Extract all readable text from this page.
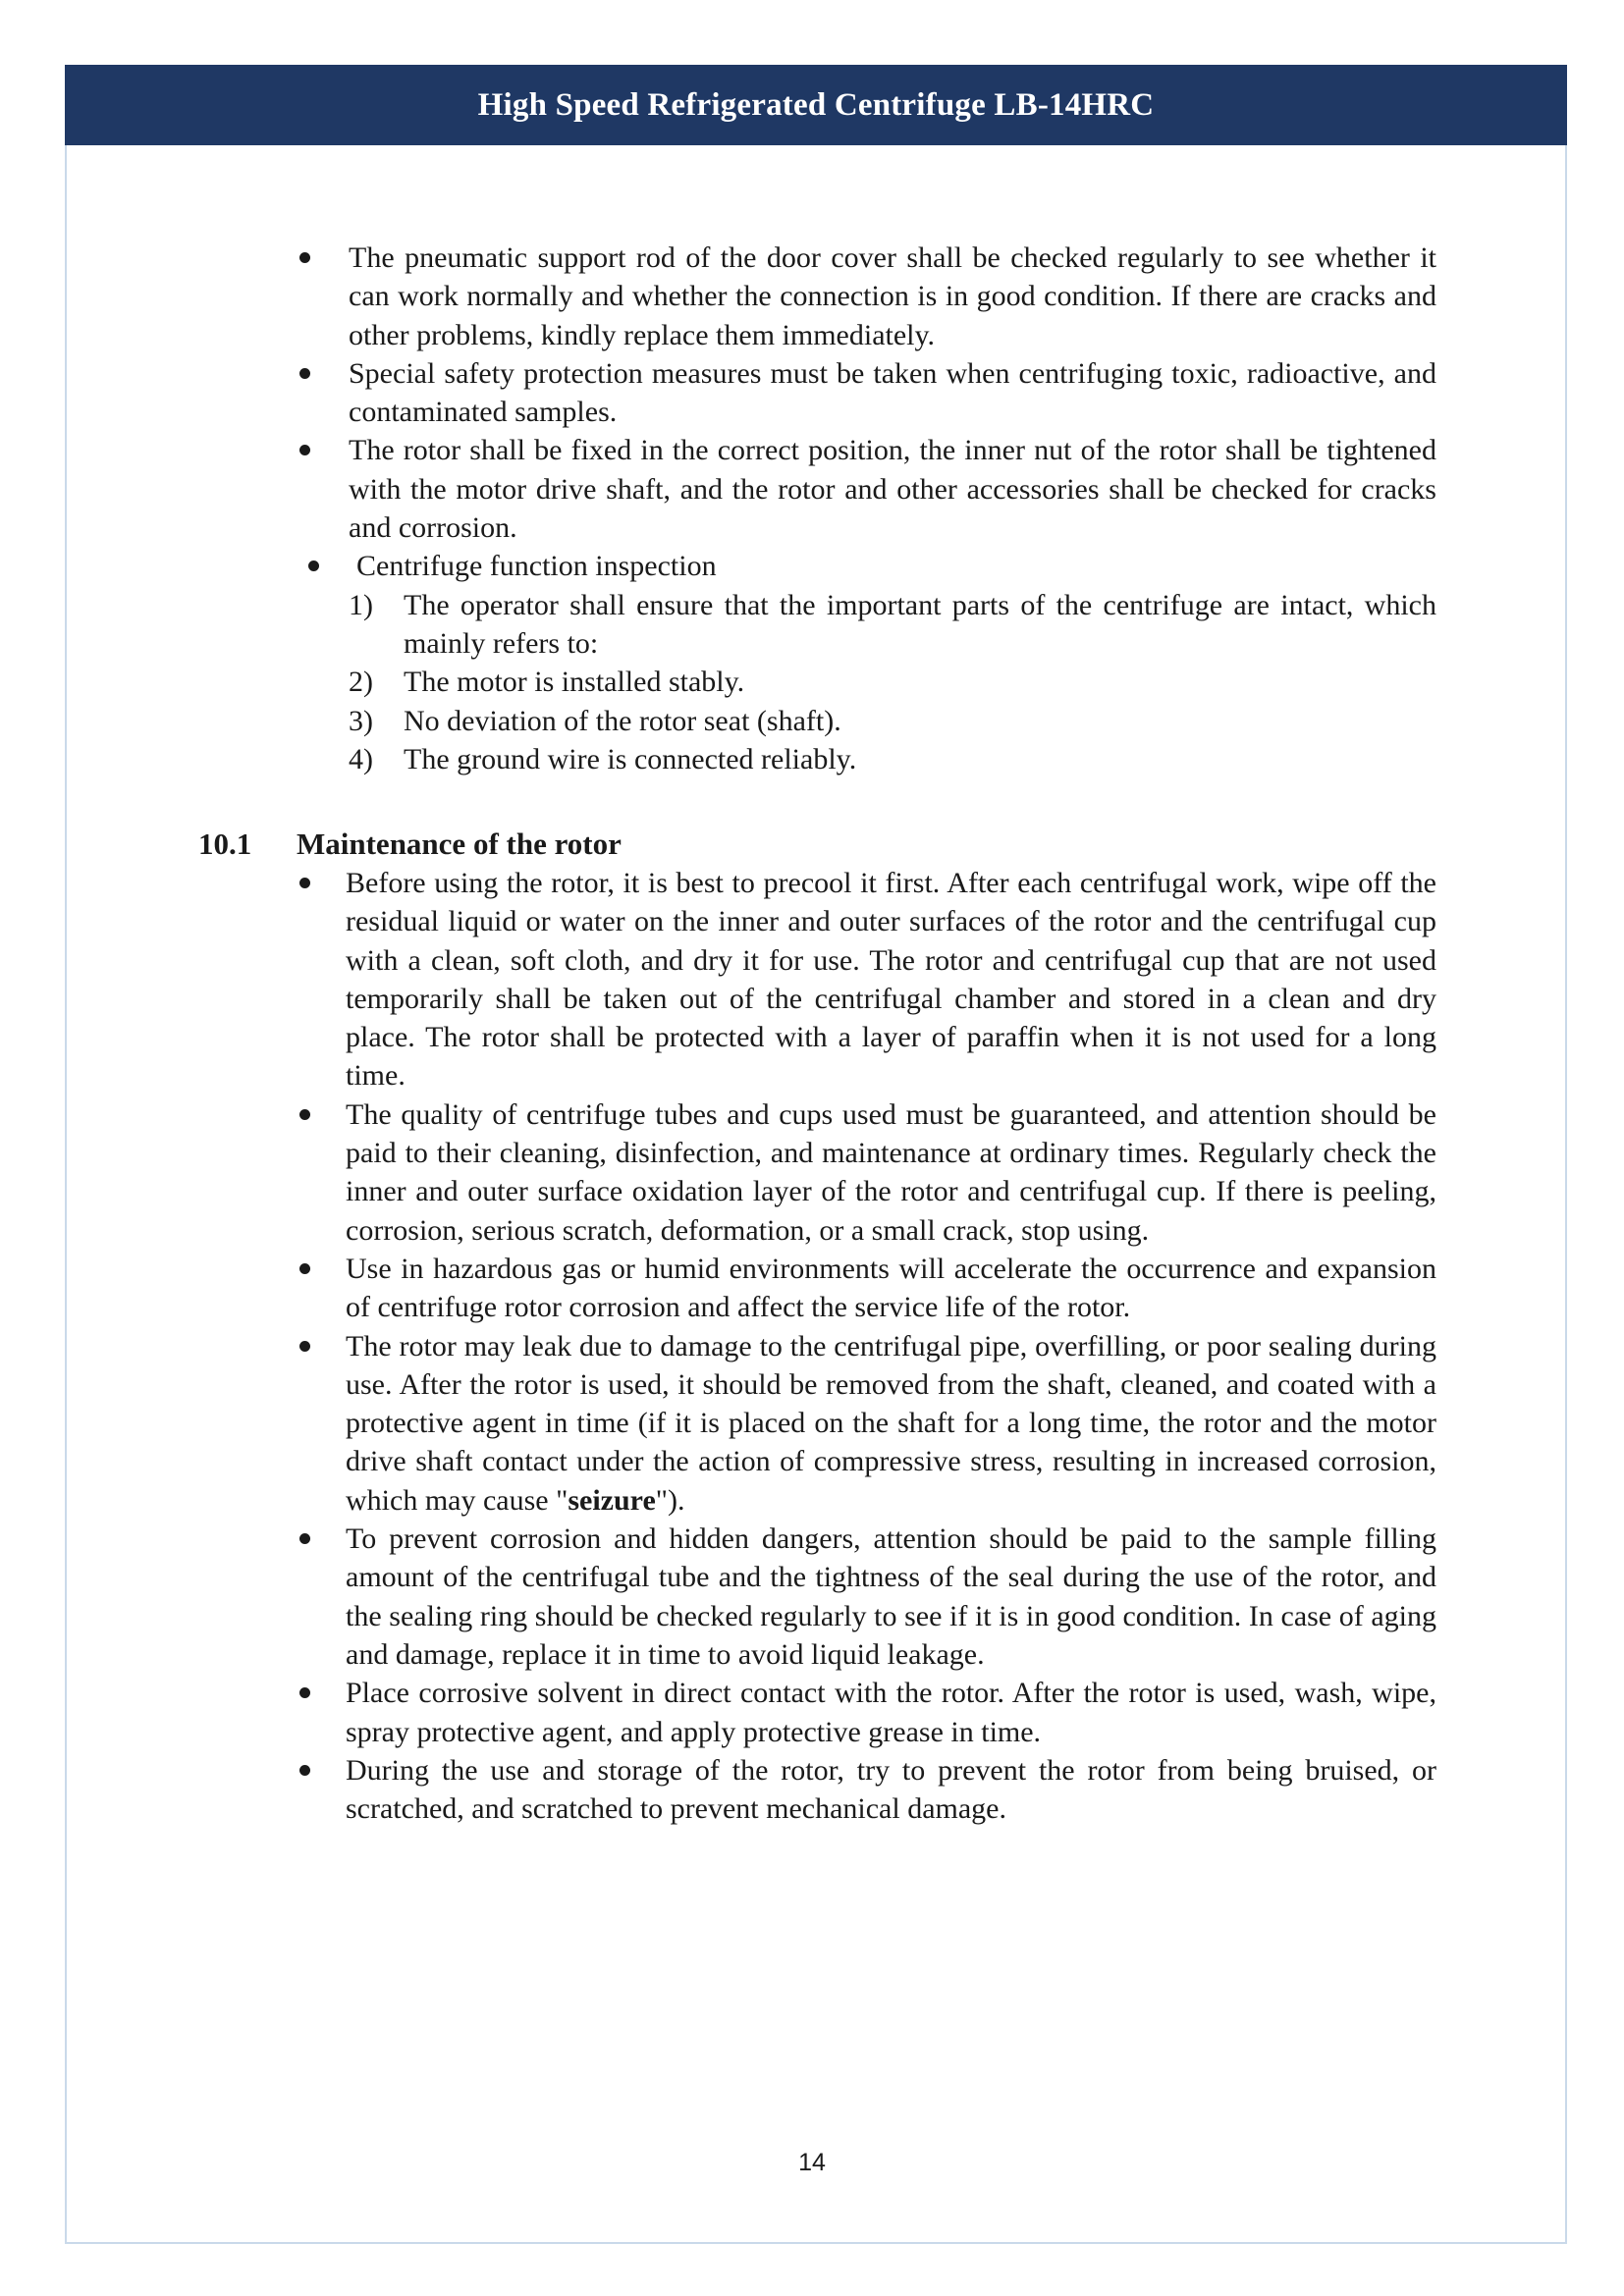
High Speed Refrigerated Centrifuge LB-14HRC
The pneumatic support rod of the door cover shall be checked regularly to see whether it can work normally and whether the connection is in good condition. If there are cracks and other problems, kindly replace them immediately.
Special safety protection measures must be taken when centrifuging toxic, radioactive, and contaminated samples.
The rotor shall be fixed in the correct position, the inner nut of the rotor shall be tightened with the motor drive shaft, and the rotor and other accessories shall be checked for cracks and corrosion.
Centrifuge function inspection
1) The operator shall ensure that the important parts of the centrifuge are intact, which mainly refers to:
2) The motor is installed stably.
3) No deviation of the rotor seat (shaft).
4) The ground wire is connected reliably.
10.1 Maintenance of the rotor
Before using the rotor, it is best to precool it first. After each centrifugal work, wipe off the residual liquid or water on the inner and outer surfaces of the rotor and the centrifugal cup with a clean, soft cloth, and dry it for use. The rotor and centrifugal cup that are not used temporarily shall be taken out of the centrifugal chamber and stored in a clean and dry place. The rotor shall be protected with a layer of paraffin when it is not used for a long time.
The quality of centrifuge tubes and cups used must be guaranteed, and attention should be paid to their cleaning, disinfection, and maintenance at ordinary times. Regularly check the inner and outer surface oxidation layer of the rotor and centrifugal cup. If there is peeling, corrosion, serious scratch, deformation, or a small crack, stop using.
Use in hazardous gas or humid environments will accelerate the occurrence and expansion of centrifuge rotor corrosion and affect the service life of the rotor.
The rotor may leak due to damage to the centrifugal pipe, overfilling, or poor sealing during use. After the rotor is used, it should be removed from the shaft, cleaned, and coated with a protective agent in time (if it is placed on the shaft for a long time, the rotor and the motor drive shaft contact under the action of compressive stress, resulting in increased corrosion, which may cause "seizure").
To prevent corrosion and hidden dangers, attention should be paid to the sample filling amount of the centrifugal tube and the tightness of the seal during the use of the rotor, and the sealing ring should be checked regularly to see if it is in good condition. In case of aging and damage, replace it in time to avoid liquid leakage.
Place corrosive solvent in direct contact with the rotor. After the rotor is used, wash, wipe, spray protective agent, and apply protective grease in time.
During the use and storage of the rotor, try to prevent the rotor from being bruised, or scratched, and scratched to prevent mechanical damage.
14
